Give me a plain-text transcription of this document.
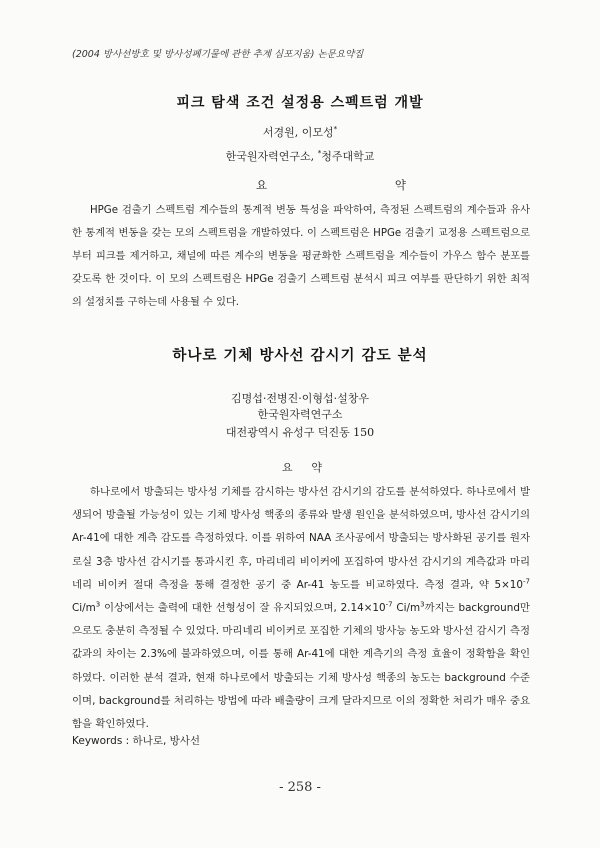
(2004 방사선방호 및 방사성폐기물에 관한 추계 심포지움) 논문요약집
피크 탐색 조건 설정용 스펙트럼 개발
서경원, 이모성*
한국원자력연구소, *청주대학교
요	약
HPGe 검출기 스펙트럼 계수들의 통계적 변동 특성을 파악하여, 측정된 스펙트럼의 계수들과 유사한 통계적 변동을 갖는 모의 스펙트럼을 개발하였다. 이 스펙트럼은 HPGe 검출기 교정용 스펙트럼으로부터 피크를 제거하고, 채널에 따른 계수의 변동을 평균화한 스펙트럼을 계수들이 가우스 함수 분포를 갖도록 한 것이다. 이 모의 스펙트럼은 HPGe 검출기 스펙트럼 분석시 피크 여부를 판단하기 위한 최적의 설정치를 구하는데 사용될 수 있다.
하나로 기체 방사선 감시기 감도 분석
김명섭·전병진·이형섭·설창우
한국원자력연구소
대전광역시 유성구 덕진동 150
요 약
하나로에서 방출되는 방사성 기체를 감시하는 방사선 감시기의 감도를 분석하였다. 하나로에서 발생되어 방출될 가능성이 있는 기체 방사성 핵종의 종류와 발생 원인을 분석하였으며, 방사선 감시기의 Ar-41에 대한 계측 감도를 측정하였다. 이를 위하여 NAA 조사공에서 방출되는 방사화된 공기를 원자로실 3층 방사선 감시기를 통과시킨 후, 마리네리 비이커에 포집하여 방사선 감시기의 계측값과 마리네리 비이커 절대 측정을 통해 결정한 공기 중 Ar-41 농도를 비교하였다. 측정 결과, 약 $5\times 10^{-7}$ $Ci/m^3$ 이상에서는 출력에 대한 선형성이 잘 유지되었으며, $2.14\times 10^{-7}$ $Ci/m^3$까지는 background만으로도 충분히 측정될 수 있었다. 마리네리 비이커로 포집한 기체의 방사능 농도와 방사선 감시기 측정값과의 차이는 2.3%에 불과하였으며, 이를 통해 Ar-41에 대한 계측기의 측정 효율이 정확함을 확인하였다. 이러한 분석 결과, 현재 하나로에서 방출되는 기체 방사성 핵종의 농도는 background 수준이며, background를 처리하는 방법에 따라 배출량이 크게 달라지므로 이의 정확한 처리가 매우 중요함을 확인하였다.
Keywords : 하나로, 방사선
- 258 -
